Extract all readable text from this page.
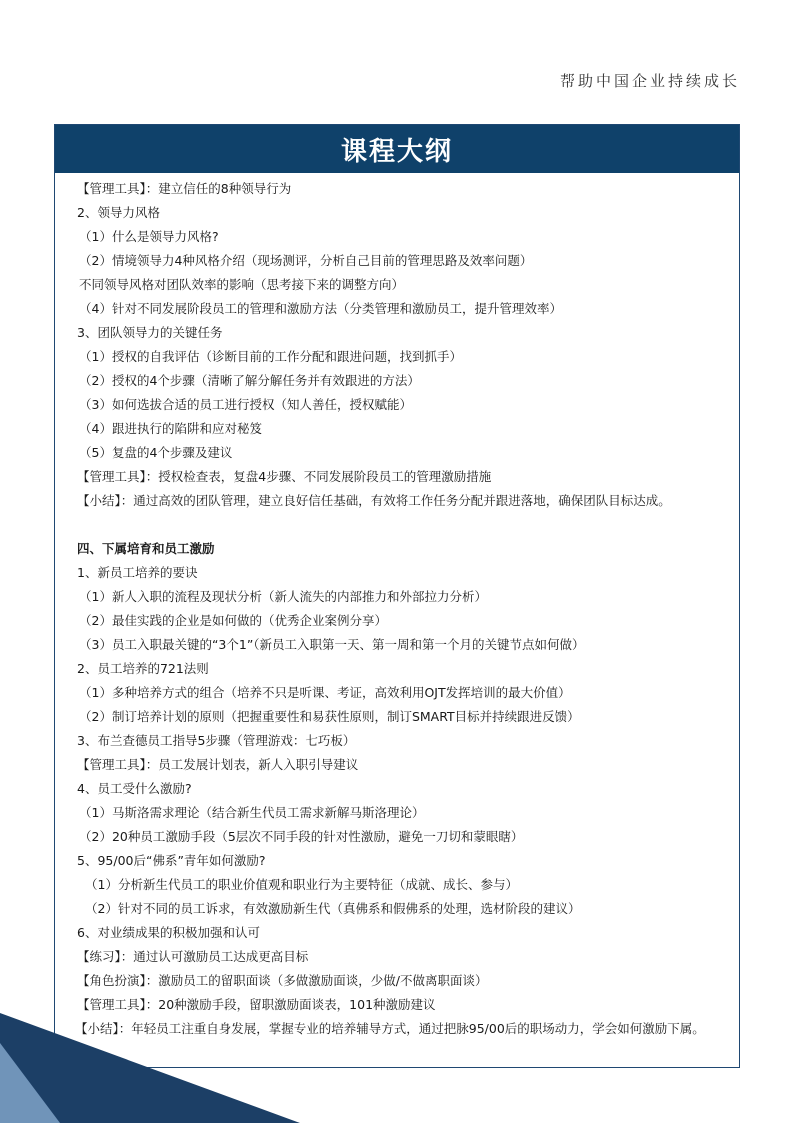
帮助中国企业持续成长
课程大纲
【管理工具】：建立信任的8种领导行为
2、领导力风格
（1）什么是领导力风格?
（2）情境领导力4种风格介绍（现场测评，分析自己目前的管理思路及效率问题）
不同领导风格对团队效率的影响（思考接下来的调整方向）
（4）针对不同发展阶段员工的管理和激励方法（分类管理和激励员工，提升管理效率）
3、团队领导力的关键任务
（1）授权的自我评估（诊断目前的工作分配和跟进问题，找到抓手）
（2）授权的4个步骤（清晰了解分解任务并有效跟进的方法）
（3）如何选拔合适的员工进行授权（知人善任，授权赋能）
（4）跟进执行的陷阱和应对秘笈
（5）复盘的4个步骤及建议
【管理工具】：授权检查表，复盘4步骤、不同发展阶段员工的管理激励措施
【小结】：通过高效的团队管理，建立良好信任基础，有效将工作任务分配并跟进落地，确保团队目标达成。
四、下属培育和员工激励
1、新员工培养的要诀
（1）新人入职的流程及现状分析（新人流失的内部推力和外部拉力分析）
（2）最佳实践的企业是如何做的（优秀企业案例分享）
（3）员工入职最关键的“3个1”（新员工入职第一天、第一周和第一个月的关键节点如何做）
2、员工培养的721法则
（1）多种培养方式的组合（培养不只是听课、考证，高效利用OJT发挥培训的最大价值）
（2）制订培养计划的原则（把握重要性和易获性原则，制订SMART目标并持续跟进反馈）
3、布兰查德员工指导5步骤（管理游戏：七巧板）
【管理工具】：员工发展计划表，新人入职引导建议
4、员工受什么激励?
（1）马斯洛需求理论（结合新生代员工需求新解马斯洛理论）
（2）20种员工激励手段（5层次不同手段的针对性激励，避免一刀切和蒙眼瞎）
5、95/00后“佛系”青年如何激励?
（1）分析新生代员工的职业价值观和职业行为主要特征（成就、成长、参与）
（2）针对不同的员工诉求，有效激励新生代（真佛系和假佛系的处理，选材阶段的建议）
6、对业绩成果的积极加强和认可
【练习】：通过认可激励员工达成更高目标
【角色扮演】：激励员工的留职面谈（多做激励面谈，少做/不做离职面谈）
【管理工具】：20种激励手段，留职激励面谈表，101种激励建议
【小结】：年轻员工注重自身发展，掌握专业的培养辅导方式，通过把脉95/00后的职场动力，学会如何激励下属。
